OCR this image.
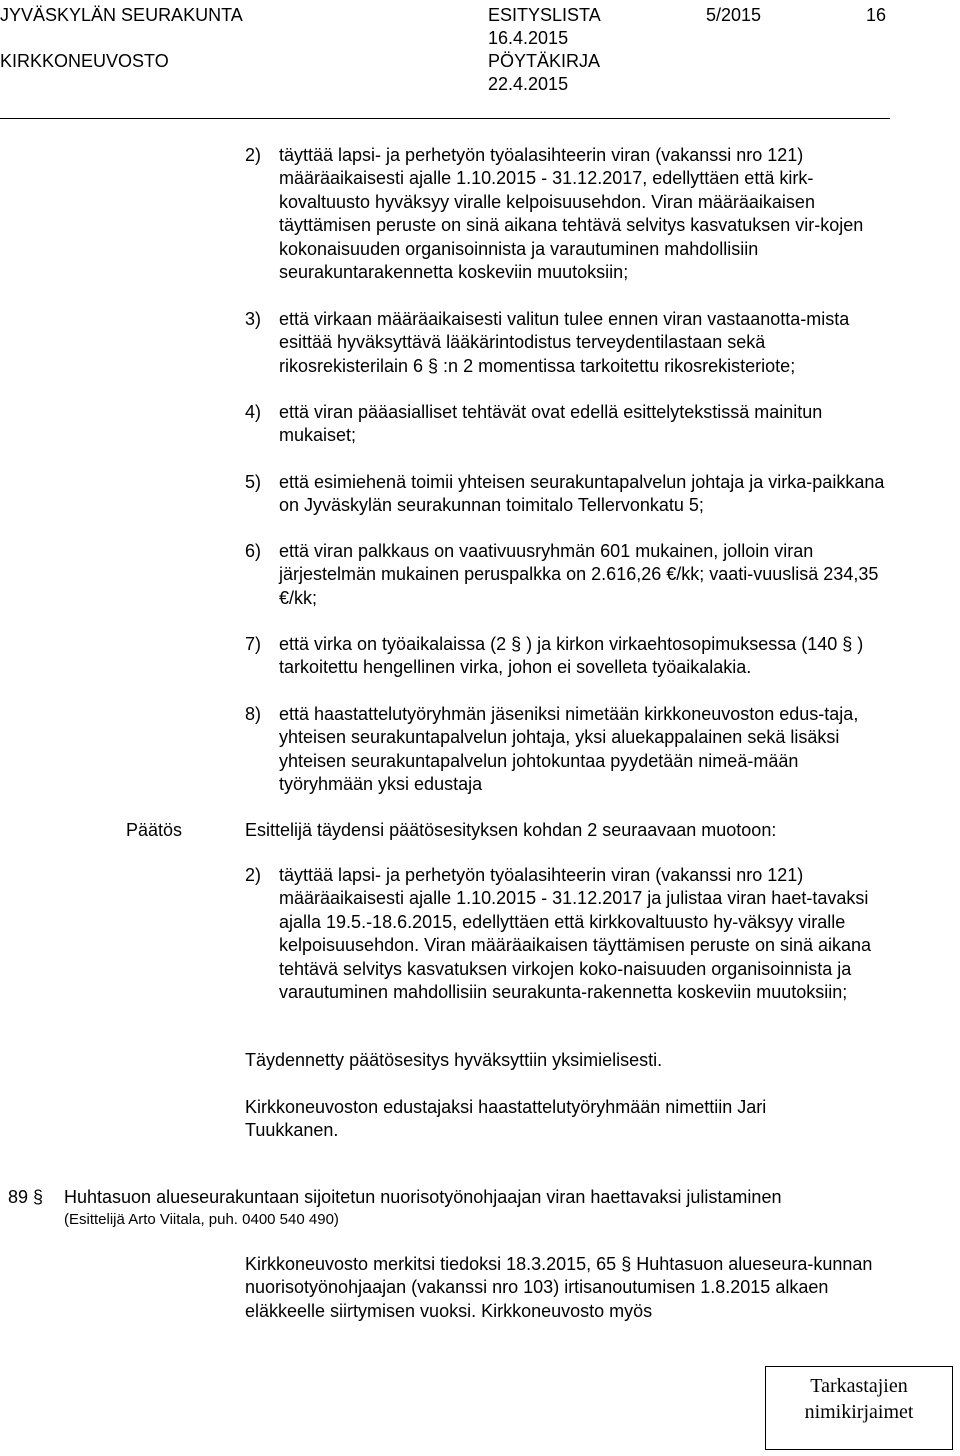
JYVÄSKYLÄN SEURAKUNTA
KIRKKONEUVOSTO
ESITYSLISTA
16.4.2015
PÖYTÄKIRJA
22.4.2015
5/2015	16
2) täyttää lapsi- ja perhetyön työalasihteerin viran (vakanssi nro 121) määräaikaisesti ajalle 1.10.2015 - 31.12.2017, edellyttäen että kirk-kovaltuusto hyväksyy viralle kelpoisuusehdon. Viran määräaikaisen täyttämisen peruste on sinä aikana tehtävä selvitys kasvatuksen vir-kojen kokonaisuuden organisoinnista ja varautuminen mahdollisiin seurakuntarakennetta koskeviin muutoksiin;
3) että virkaan määräaikaisesti valitun tulee ennen viran vastaanotta-mista esittää hyväksyttävä lääkärintodistus terveydentilastaan sekä rikosrekisterilain 6 § :n 2 momentissa tarkoitettu rikosrekisteriote;
4) että viran pääasialliset tehtävät ovat edellä esittelytekstissä mainitun mukaiset;
5) että esimiehenä toimii yhteisen seurakuntapalvelun johtaja ja virka-paikkana on Jyväskylän seurakunnan toimitalo Tellervonkatu 5;
6) että viran palkkaus on vaativuusryhmän 601 mukainen, jolloin viran järjestelmän mukainen peruspalkka on 2.616,26 €/kk; vaati-vuuslisä 234,35 €/kk;
7) että virka on työaikalaissa (2 § ) ja kirkon virkaehtosopimuksessa (140 § ) tarkoitettu hengellinen virka, johon ei sovelleta työaikalakia.
8) että haastattelutyöryhmän jäseniksi nimetään kirkkoneuvoston edus-taja, yhteisen seurakuntapalvelun johtaja, yksi aluekappalainen sekä lisäksi yhteisen seurakuntapalvelun johtokuntaa pyydetään nimeä-mään työryhmään yksi edustaja
Päätös	Esittelijä täydensi päätösesityksen kohdan 2 seuraavaan muotoon:
2) täyttää lapsi- ja perhetyön työalasihteerin viran (vakanssi nro 121) määräaikaisesti ajalle 1.10.2015 - 31.12.2017 ja julistaa viran haet-tavaksi ajalla 19.5.-18.6.2015, edellyttäen että kirkkovaltuusto hy-väksyy viralle kelpoisuusehdon. Viran määräaikaisen täyttämisen peruste on sinä aikana tehtävä selvitys kasvatuksen virkojen koko-naisuuden organisoinnista ja varautuminen mahdollisiin seurakunta-rakennetta koskeviin muutoksiin;
Täydennetty päätösesitys hyväksyttiin yksimielisesti.
Kirkkoneuvoston edustajaksi haastattelutyöryhmään nimettiin Jari Tuukkanen.
89 § Huhtasuon alueseurakuntaan sijoitetun nuorisotyönohjaajan viran haettavaksi julistaminen
(Esittelijä Arto Viitala, puh. 0400 540 490)
Kirkkoneuvosto merkitsi tiedoksi 18.3.2015, 65 § Huhtasuon alueseura-kunnan nuorisotyönohjaajan (vakanssi nro 103) irtisanoutumisen 1.8.2015 alkaen eläkkeelle siirtymisen vuoksi. Kirkkoneuvosto myös
Tarkastajien
nimikirjaimet
